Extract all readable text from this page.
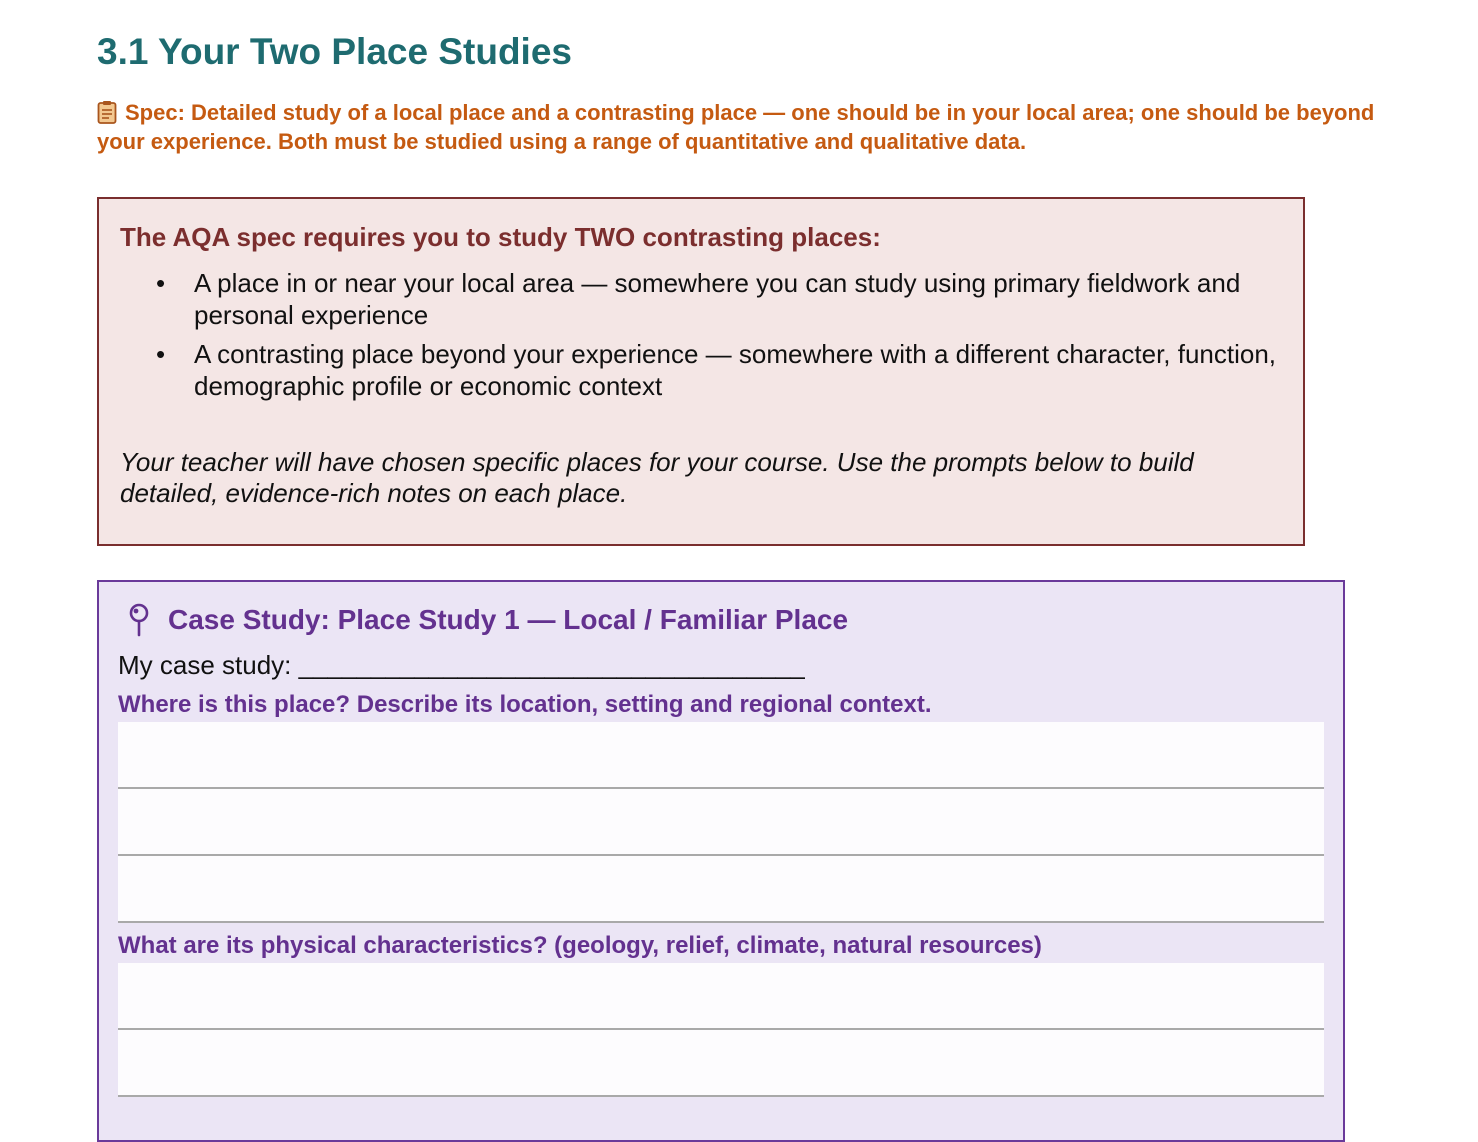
3.1 Your Two Place Studies

Spec: Detailed study of a local place and a contrasting place — one should be in your local area; one should be beyond your experience. Both must be studied using a range of quantitative and qualitative data.

The AQA spec requires you to study TWO contrasting places:
• A place in or near your local area — somewhere you can study using primary fieldwork and personal experience
• A contrasting place beyond your experience — somewhere with a different character, function, demographic profile or economic context

Your teacher will have chosen specific places for your course. Use the prompts below to build detailed, evidence-rich notes on each place.

Case Study: Place Study 1 — Local / Familiar Place

My case study: ___________________________________

Where is this place? Describe its location, setting and regional context.

What are its physical characteristics? (geology, relief, climate, natural resources)
